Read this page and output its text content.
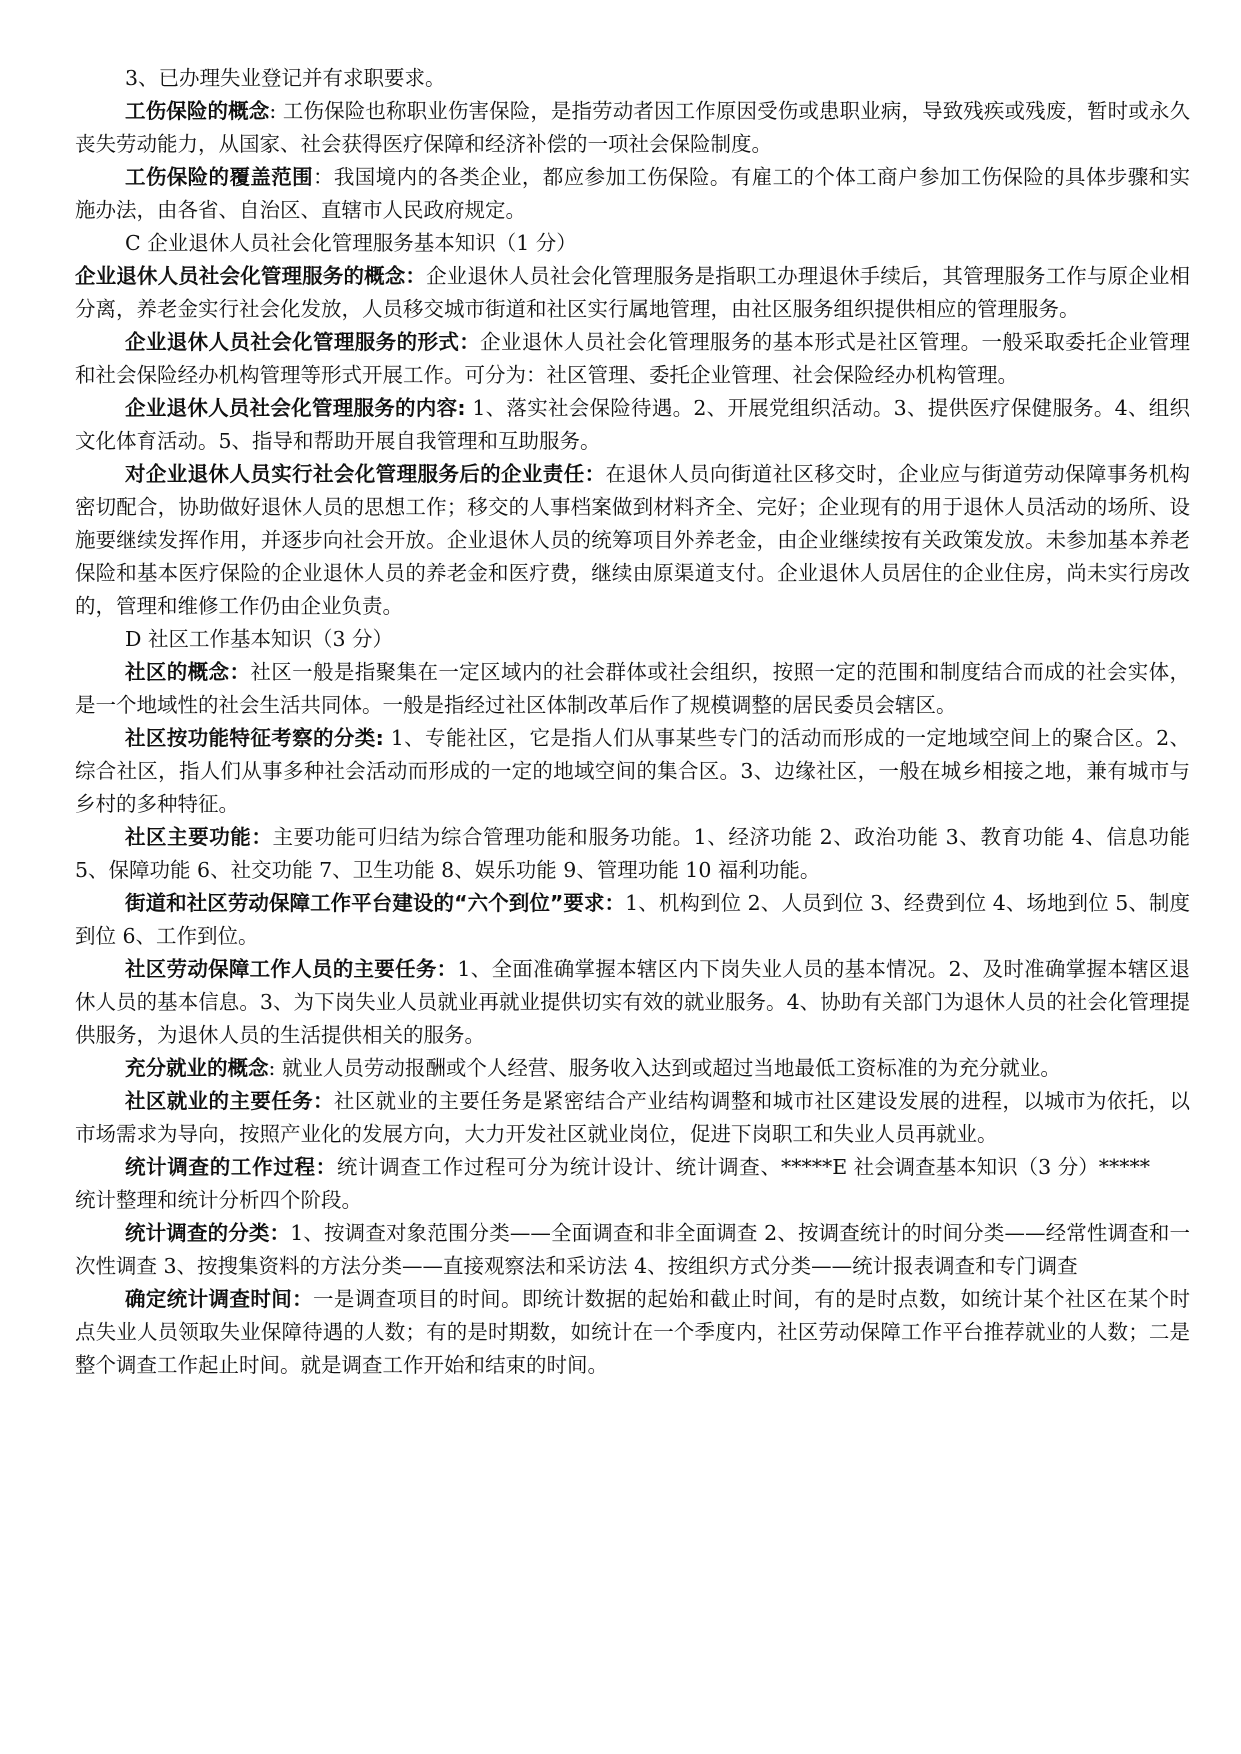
3、已办理失业登记并有求职要求。

工伤保险的概念: 工伤保险也称职业伤害保险，是指劳动者因工作原因受伤或患职业病，导致残疾或残废，暂时或永久丧失劳动能力，从国家、社会获得医疗保障和经济补偿的一项社会保险制度。

工伤保险的覆盖范围：我国境内的各类企业，都应参加工伤保险。有雇工的个体工商户参加工伤保险的具体步骤和实施办法，由各省、自治区、直辖市人民政府规定。

C 企业退休人员社会化管理服务基本知识（1 分）

企业退休人员社会化管理服务的概念：企业退休人员社会化管理服务是指职工办理退休手续后，其管理服务工作与原企业相分离，养老金实行社会化发放，人员移交城市街道和社区实行属地管理，由社区服务组织提供相应的管理服务。

企业退休人员社会化管理服务的形式：企业退休人员社会化管理服务的基本形式是社区管理。一般采取委托企业管理和社会保险经办机构管理等形式开展工作。可分为：社区管理、委托企业管理、社会保险经办机构管理。

企业退休人员社会化管理服务的内容: 1、落实社会保险待遇。2、开展党组织活动。3、提供医疗保健服务。4、组织文化体育活动。5、指导和帮助开展自我管理和互助服务。

对企业退休人员实行社会化管理服务后的企业责任：在退休人员向街道社区移交时，企业应与街道劳动保障事务机构密切配合，协助做好退休人员的思想工作；移交的人事档案做到材料齐全、完好；企业现有的用于退休人员活动的场所、设施要继续发挥作用，并逐步向社会开放。企业退休人员的统筹项目外养老金，由企业继续按有关政策发放。未参加基本养老保险和基本医疗保险的企业退休人员的养老金和医疗费，继续由原渠道支付。企业退休人员居住的企业住房，尚未实行房改的，管理和维修工作仍由企业负责。

D 社区工作基本知识（3 分）

社区的概念：社区一般是指聚集在一定区域内的社会群体或社会组织，按照一定的范围和制度结合而成的社会实体，是一个地域性的社会生活共同体。一般是指经过社区体制改革后作了规模调整的居民委员会辖区。

社区按功能特征考察的分类: 1、专能社区，它是指人们从事某些专门的活动而形成的一定地域空间上的聚合区。2、综合社区，指人们从事多种社会活动而形成的一定的地域空间的集合区。3、边缘社区，一般在城乡相接之地，兼有城市与乡村的多种特征。

社区主要功能：主要功能可归结为综合管理功能和服务功能。1、经济功能 2、政治功能 3、教育功能 4、信息功能 5、保障功能 6、社交功能 7、卫生功能 8、娱乐功能 9、管理功能 10 福利功能。

街道和社区劳动保障工作平台建设的“六个到位”要求：1、机构到位 2、人员到位 3、经费到位 4、场地到位 5、制度到位 6、工作到位。

社区劳动保障工作人员的主要任务：1、全面准确掌握本辖区内下岗失业人员的基本情况。2、及时准确掌握本辖区退休人员的基本信息。3、为下岗失业人员就业再就业提供切实有效的就业服务。4、协助有关部门为退休人员的社会化管理提供服务，为退休人员的生活提供相关的服务。

充分就业的概念: 就业人员劳动报酬或个人经营、服务收入达到或超过当地最低工资标准的为充分就业。

社区就业的主要任务：社区就业的主要任务是紧密结合产业结构调整和城市社区建设发展的进程，以城市为依托，以市场需求为导向，按照产业化的发展方向，大力开发社区就业岗位，促进下岗职工和失业人员再就业。
*****E 社会调查基本知识（3 分）*****

统计调查的工作过程：统计调查工作过程可分为统计设计、统计调查、统计整理和统计分析四个阶段。

统计调查的分类：1、按调查对象范围分类——全面调查和非全面调查 2、按调查统计的时间分类——经常性调查和一次性调查 3、按搜集资料的方法分类——直接观察法和采访法 4、按组织方式分类——统计报表调查和专门调查

确定统计调查时间：一是调查项目的时间。即统计数据的起始和截止时间，有的是时点数，如统计某个社区在某个时点失业人员领取失业保障待遇的人数；有的是时期数，如统计在一个季度内，社区劳动保障工作平台推荐就业的人数；二是整个调查工作起止时间。就是调查工作开始和结束的时间。
